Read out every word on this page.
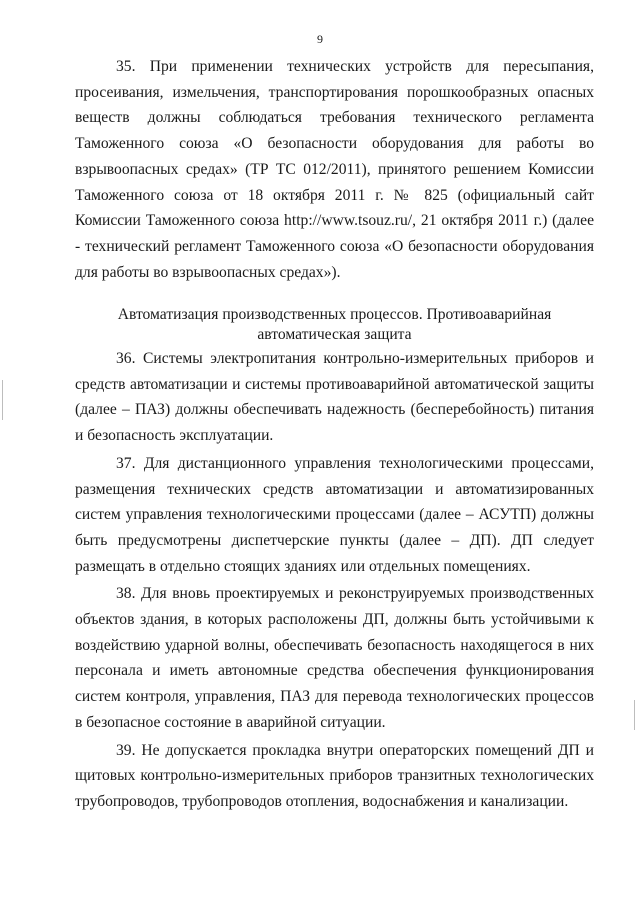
9

35. При применении технических устройств для пересыпания, просеивания, измельчения, транспортирования порошкообразных опасных веществ должны соблюдаться требования технического регламента Таможенного союза «О безопасности оборудования для работы во взрывоопасных средах» (ТР ТС 012/2011), принятого решением Комиссии Таможенного союза от 18 октября 2011 г. № 825 (официальный сайт Комиссии Таможенного союза http://www.tsouz.ru/, 21 октября 2011 г.) (далее - технический регламент Таможенного союза «О безопасности оборудования для работы во взрывоопасных средах»).

Автоматизация производственных процессов. Противоаварийная
автоматическая защита

36. Системы электропитания контрольно-измерительных приборов и средств автоматизации и системы противоаварийной автоматической защиты (далее – ПАЗ) должны обеспечивать надежность (бесперебойность) питания и безопасность эксплуатации.

37. Для дистанционного управления технологическими процессами, размещения технических средств автоматизации и автоматизированных систем управления технологическими процессами (далее – АСУТП) должны быть предусмотрены диспетчерские пункты (далее – ДП). ДП следует размещать в отдельно стоящих зданиях или отдельных помещениях.

38. Для вновь проектируемых и реконструируемых производственных объектов здания, в которых расположены ДП, должны быть устойчивыми к воздействию ударной волны, обеспечивать безопасность находящегося в них персонала и иметь автономные средства обеспечения функционирования систем контроля, управления, ПАЗ для перевода технологических процессов в безопасное состояние в аварийной ситуации.

39. Не допускается прокладка внутри операторских помещений ДП и щитовых контрольно-измерительных приборов транзитных технологических трубопроводов, трубопроводов отопления, водоснабжения и канализации.
